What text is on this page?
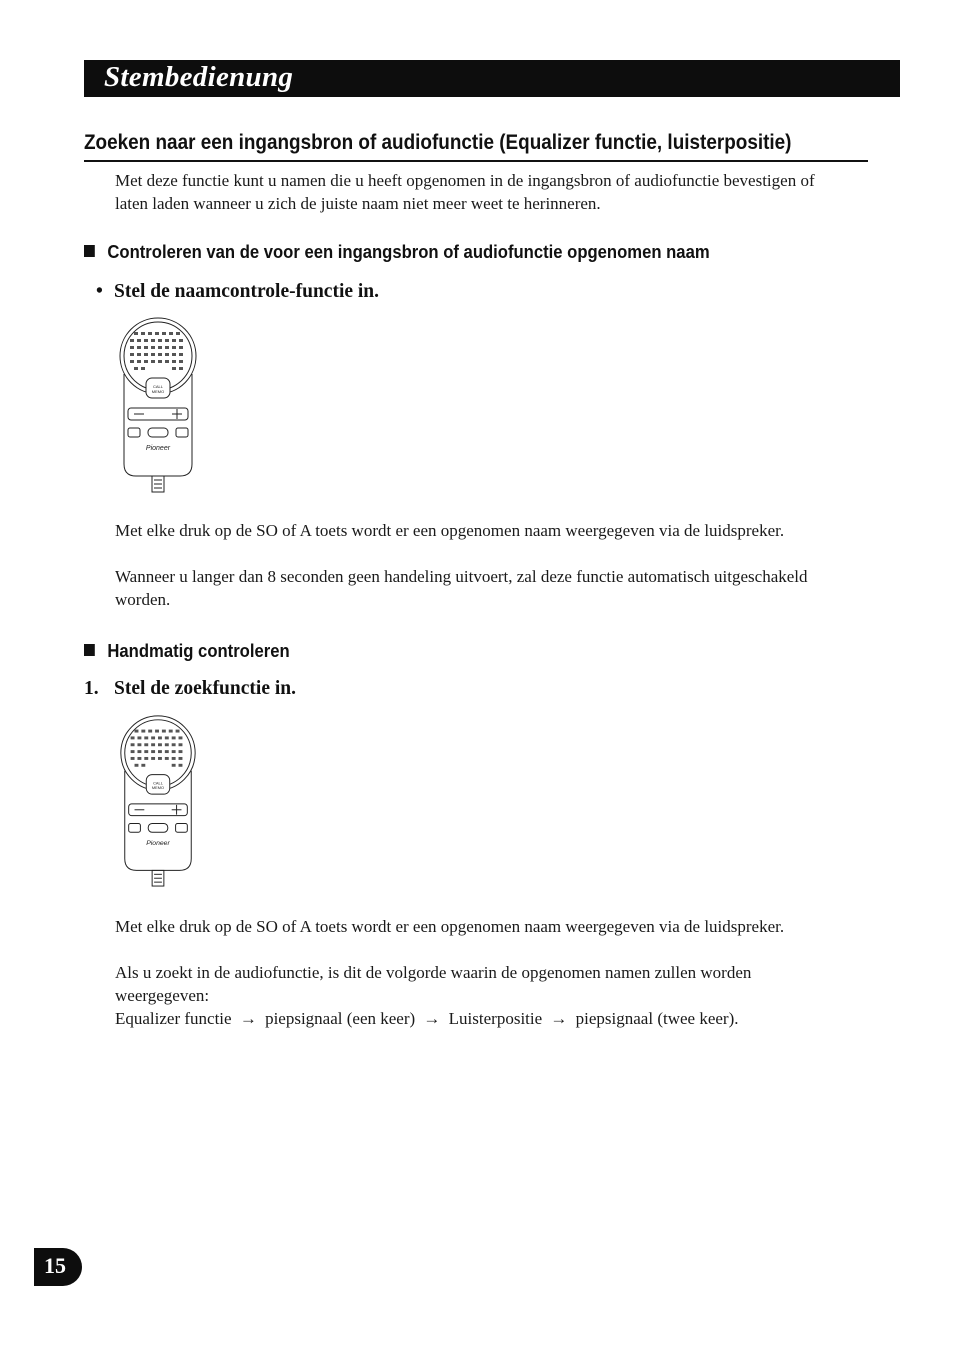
Stembedienung
Zoeken naar een ingangsbron of audiofunctie (Equalizer functie, luisterpositie)

Met deze functie kunt u namen die u heeft opgenomen in de ingangsbron of audiofunctie bevestigen of laten laden wanneer u zich de juiste naam niet meer weet te herinneren.

Controleren van de voor een ingangsbron of audiofunctie opgenomen naam
• Stel de naamcontrole-functie in.
CALL
MEMO
Pioneer

Met elke druk op de SO of A toets wordt er een opgenomen naam weergegeven via de luidspreker.

Wanneer u langer dan 8 seconden geen handeling uitvoert, zal deze functie automatisch uitgeschakeld worden.

Handmatig controleren
1. Stel de zoekfunctie in.
CALL
MEMO
Pioneer

Met elke druk op de SO of A toets wordt er een opgenomen naam weergegeven via de luidspreker.

Als u zoekt in de audiofunctie, is dit de volgorde waarin de opgenomen namen zullen worden weergegeven:

Equalizer functie → piepsignaal (een keer) → Luisterpositie → piepsignaal (twee keer).
15
